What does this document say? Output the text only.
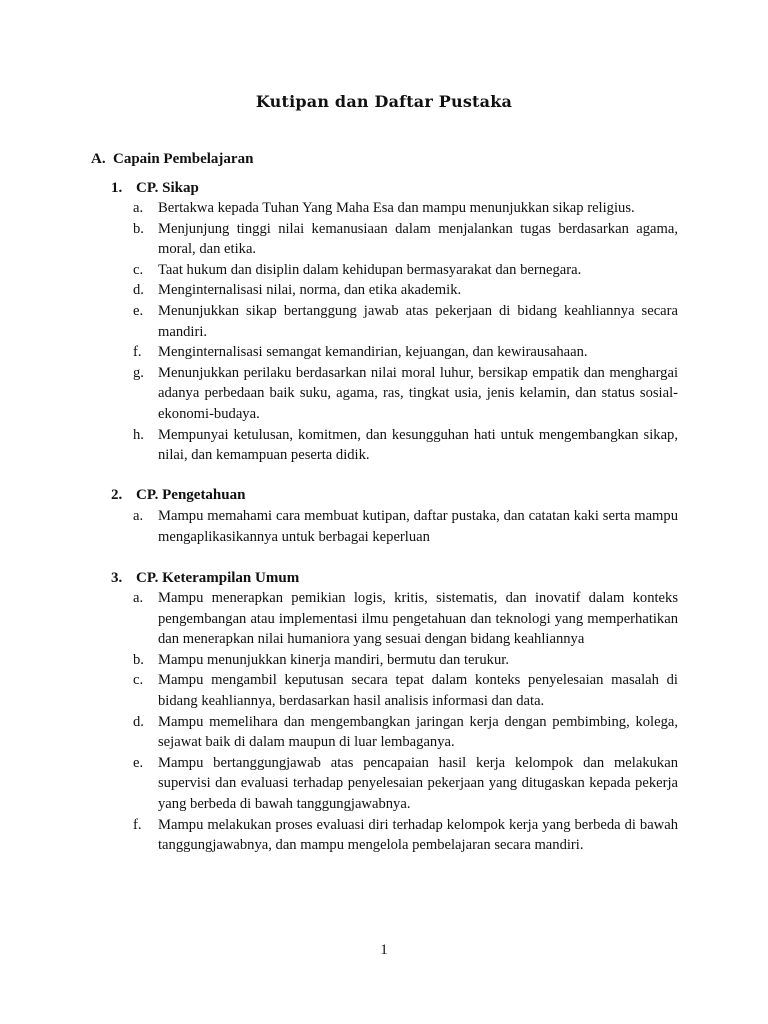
Kutipan dan Daftar Pustaka
A. Capain Pembelajaran
1. CP. Sikap
a. Bertakwa kepada Tuhan Yang Maha Esa dan mampu menunjukkan sikap religius.
b. Menjunjung tinggi nilai kemanusiaan dalam menjalankan tugas berdasarkan agama, moral, dan etika.
c. Taat hukum dan disiplin dalam kehidupan bermasyarakat dan bernegara.
d. Menginternalisasi nilai, norma, dan etika akademik.
e. Menunjukkan sikap bertanggung jawab atas pekerjaan di bidang keahliannya secara mandiri.
f. Menginternalisasi semangat kemandirian, kejuangan, dan kewirausahaan.
g. Menunjukkan perilaku berdasarkan nilai moral luhur, bersikap empatik dan menghargai adanya perbedaan baik suku, agama, ras, tingkat usia, jenis kelamin, dan status sosial-ekonomi-budaya.
h. Mempunyai ketulusan, komitmen, dan kesungguhan hati untuk mengembangkan sikap, nilai, dan kemampuan peserta didik.
2. CP. Pengetahuan
a. Mampu memahami cara membuat kutipan, daftar pustaka, dan catatan kaki serta mampu mengaplikasikannya untuk berbagai keperluan
3. CP. Keterampilan Umum
a. Mampu menerapkan pemikian logis, kritis, sistematis, dan inovatif dalam konteks pengembangan atau implementasi ilmu pengetahuan dan teknologi yang memperhatikan dan menerapkan nilai humaniora yang sesuai dengan bidang keahliannya
b. Mampu menunjukkan kinerja mandiri, bermutu dan terukur.
c. Mampu mengambil keputusan secara tepat dalam konteks penyelesaian masalah di bidang keahliannya, berdasarkan hasil analisis informasi dan data.
d. Mampu memelihara dan mengembangkan jaringan kerja dengan pembimbing, kolega, sejawat baik di dalam maupun di luar lembaganya.
e. Mampu bertanggungjawab atas pencapaian hasil kerja kelompok dan melakukan supervisi dan evaluasi terhadap penyelesaian pekerjaan yang ditugaskan kepada pekerja yang berbeda di bawah tanggungjawabnya.
f. Mampu melakukan proses evaluasi diri terhadap kelompok kerja yang berbeda di bawah tanggungjawabnya, dan mampu mengelola pembelajaran secara mandiri.
1
